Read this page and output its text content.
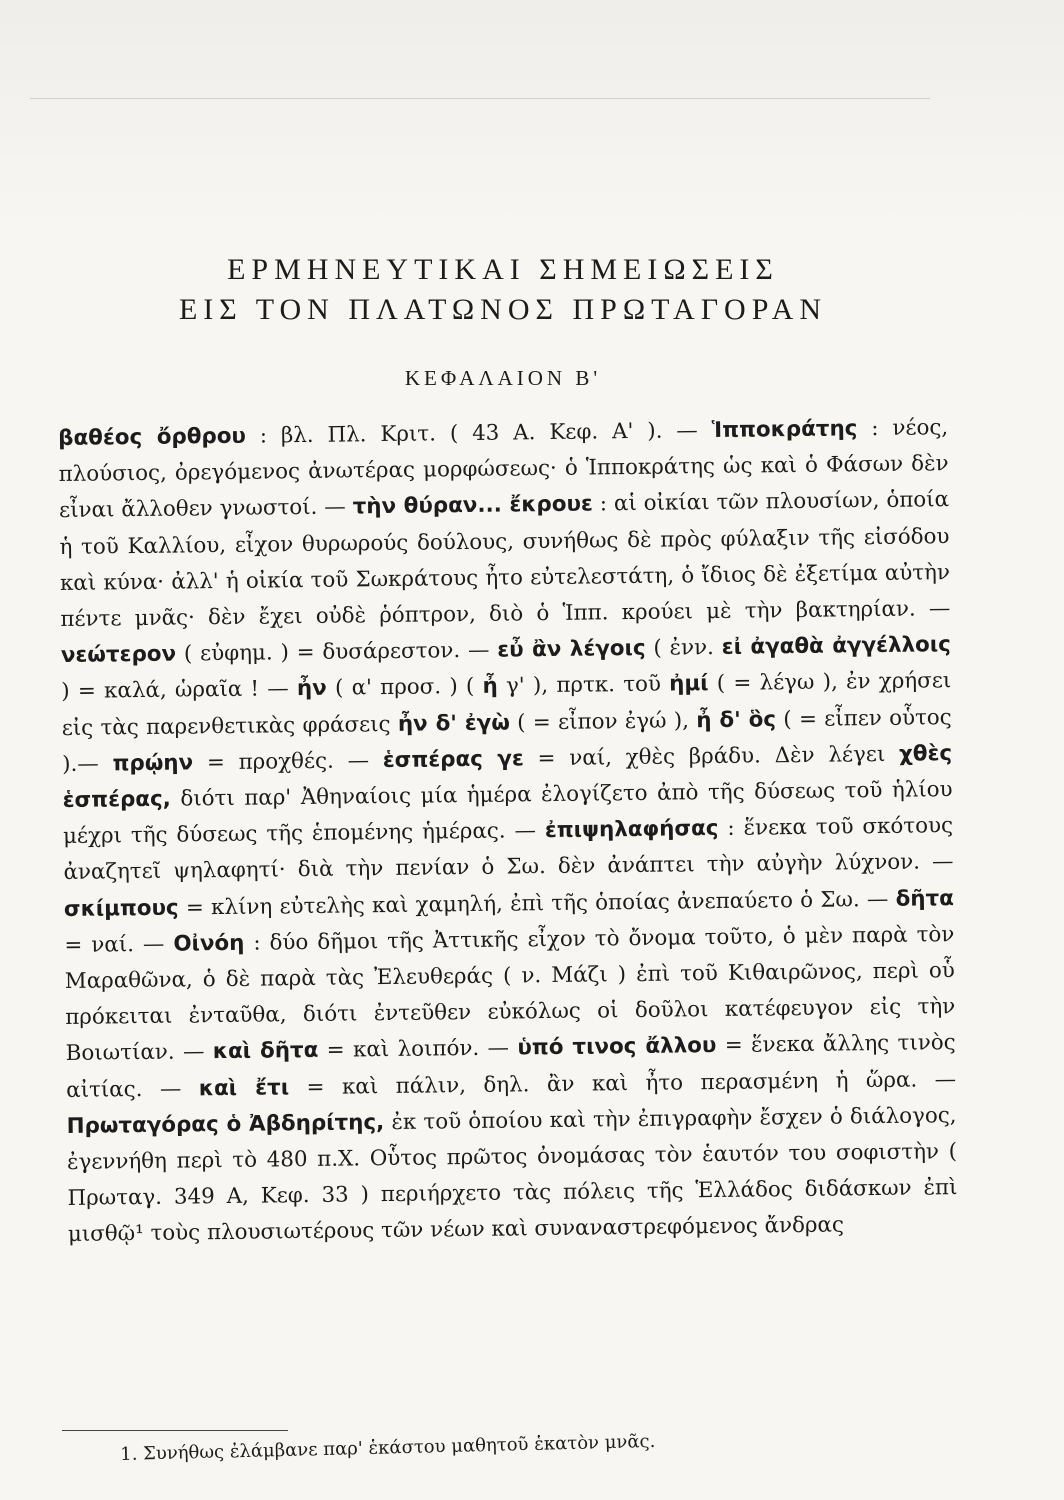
ΕΡΜΗΝΕΥΤΙΚΑΙ ΣΗΜΕΙΩΣΕΙΣ
ΕΙΣ ΤΟΝ ΠΛΑΤΩΝΟΣ ΠΡΩΤΑΓΟΡΑΝ
ΚΕΦΑΛΑΙΟΝ Β'

βαθέος ὄρθρου : βλ. Πλ. Κριτ. ( 43 Α. Κεφ. Α' ). — Ἱπποκράτης : νέος, πλούσιος, ὀρεγόμενος ἀνωτέρας μορφώσεως· ὁ Ἱπποκράτης ὡς καὶ ὁ Φάσων δὲν εἶναι ἄλλοθεν γνωστοί. — τὴν θύραν... ἔκρουε : αἱ οἰκίαι τῶν πλουσίων, ὁποία ἡ τοῦ Καλλίου, εἶχον θυρωρούς δούλους, συνήθως δὲ πρὸς φύλαξιν τῆς εἰσόδου καὶ κύνα· ἀλλ' ἡ οἰκία τοῦ Σωκράτους ἦτο εὐτελεστάτη, ὁ ἴδιος δὲ ἐξετίμα αὐτὴν πέντε μνᾶς· δὲν ἔχει οὐδὲ ῥόπτρον, διὸ ὁ Ἱππ. κρούει μὲ τὴν βακτηρίαν. — νεώτερον ( εὐφημ. ) = δυσάρεστον. — εὖ ἂν λέγοις ( ἐνν. εἰ ἀγαθὰ ἀγγέλλοις ) = καλά, ὡραῖα ! — ἦν ( α' προσ. ) ( ἦ γ' ), πρτκ. τοῦ ἠμί ( = λέγω ), ἐν χρήσει εἰς τὰς παρενθετικὰς φράσεις ἦν δ' ἐγὼ ( = εἶπον ἐγώ ), ἦ δ' ὃς ( = εἶπεν οὗτος ).— πρῴην = προχθές. — ἑσπέρας γε = ναί, χθὲς βράδυ. Δὲν λέγει χθὲς ἑσπέρας, διότι παρ' Ἀθηναίοις μία ἡμέρα ἐλογίζετο ἀπὸ τῆς δύσεως τοῦ ἡλίου μέχρι τῆς δύσεως τῆς ἑπομένης ἡμέρας. — ἐπιψηλαφήσας : ἕνεκα τοῦ σκότους ἀναζητεῖ ψηλαφητί· διὰ τὴν πενίαν ὁ Σω. δὲν ἀνάπτει τὴν αὐγὴν λύχνον. — σκίμπους = κλίνη εὐτελὴς καὶ χαμηλή, ἐπὶ τῆς ὁποίας ἀνεπαύετο ὁ Σω. — δῆτα = ναί. — Οἰνόη : δύο δῆμοι τῆς Ἀττικῆς εἶχον τὸ ὄνομα τοῦτο, ὁ μὲν παρὰ τὸν Μαραθῶνα, ὁ δὲ παρὰ τὰς Ἐλευθεράς ( ν. Μάζι ) ἐπὶ τοῦ Κιθαιρῶνος, περὶ οὗ πρόκειται ἐνταῦθα, διότι ἐντεῦθεν εὐκόλως οἱ δοῦλοι κατέφευγον εἰς τὴν Βοιωτίαν. — καὶ δῆτα = καὶ λοιπόν. — ὑπό τινος ἄλλου = ἕνεκα ἄλλης τινὸς αἰτίας. — καὶ ἔτι = καὶ πάλιν, δηλ. ἂν καὶ ἦτο περασμένη ἡ ὥρα. — Πρωταγόρας ὁ Ἀβδηρίτης, ἐκ τοῦ ὁποίου καὶ τὴν ἐπιγραφὴν ἔσχεν ὁ διάλογος, ἐγεννήθη περὶ τὸ 480 π.Χ. Οὗτος πρῶτος ὀνομάσας τὸν ἑαυτόν του σοφιστὴν ( Πρωταγ. 349 Α, Κεφ. 33 ) περιήρχετο τὰς πόλεις τῆς Ἑλλάδος διδάσκων ἐπὶ μισθῷ¹ τοὺς πλουσιωτέρους τῶν νέων καὶ συναναστρεφόμενος ἄνδρας

1. Συνήθως ἐλάμβανε παρ' ἑκάστου μαθητοῦ ἑκατὸν μνᾶς.
